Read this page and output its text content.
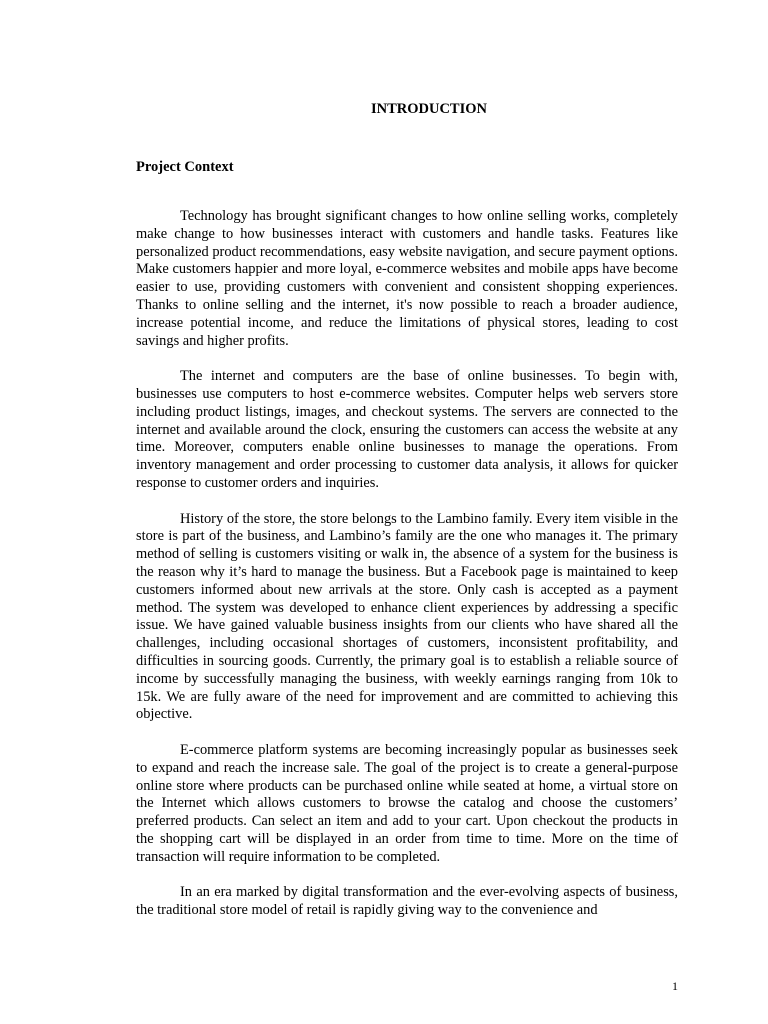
INTRODUCTION
Project Context

Technology has brought significant changes to how online selling works, completely make change to how businesses interact with customers and handle tasks. Features like personalized product recommendations, easy website navigation, and secure payment options. Make customers happier and more loyal, e-commerce websites and mobile apps have become easier to use, providing customers with convenient and consistent shopping experiences. Thanks to online selling and the internet, it's now possible to reach a broader audience, increase potential income, and reduce the limitations of physical stores, leading to cost savings and higher profits.

The internet and computers are the base of online businesses. To begin with, businesses use computers to host e-commerce websites. Computer helps web servers store including product listings, images, and checkout systems. The servers are connected to the internet and available around the clock, ensuring the customers can access the website at any time. Moreover, computers enable online businesses to manage the operations. From inventory management and order processing to customer data analysis, it allows for quicker response to customer orders and inquiries.

History of the store, the store belongs to the Lambino family. Every item visible in the store is part of the business, and Lambino’s family are the one who manages it. The primary method of selling is customers visiting or walk in, the absence of a system for the business is the reason why it’s hard to manage the business. But a Facebook page is maintained to keep customers informed about new arrivals at the store. Only cash is accepted as a payment method. The system was developed to enhance client experiences by addressing a specific issue. We have gained valuable business insights from our clients who have shared all the challenges, including occasional shortages of customers, inconsistent profitability, and difficulties in sourcing goods. Currently, the primary goal is to establish a reliable source of income by successfully managing the business, with weekly earnings ranging from 10k to 15k. We are fully aware of the need for improvement and are committed to achieving this objective.

E-commerce platform systems are becoming increasingly popular as businesses seek to expand and reach the increase sale. The goal of the project is to create a general-purpose online store where products can be purchased online while seated at home, a virtual store on the Internet which allows customers to browse the catalog and choose the customers’ preferred products. Can select an item and add to your cart. Upon checkout the products in the shopping cart will be displayed in an order from time to time. More on the time of transaction will require information to be completed.

In an era marked by digital transformation and the ever-evolving aspects of business, the traditional store model of retail is rapidly giving way to the convenience and

1
